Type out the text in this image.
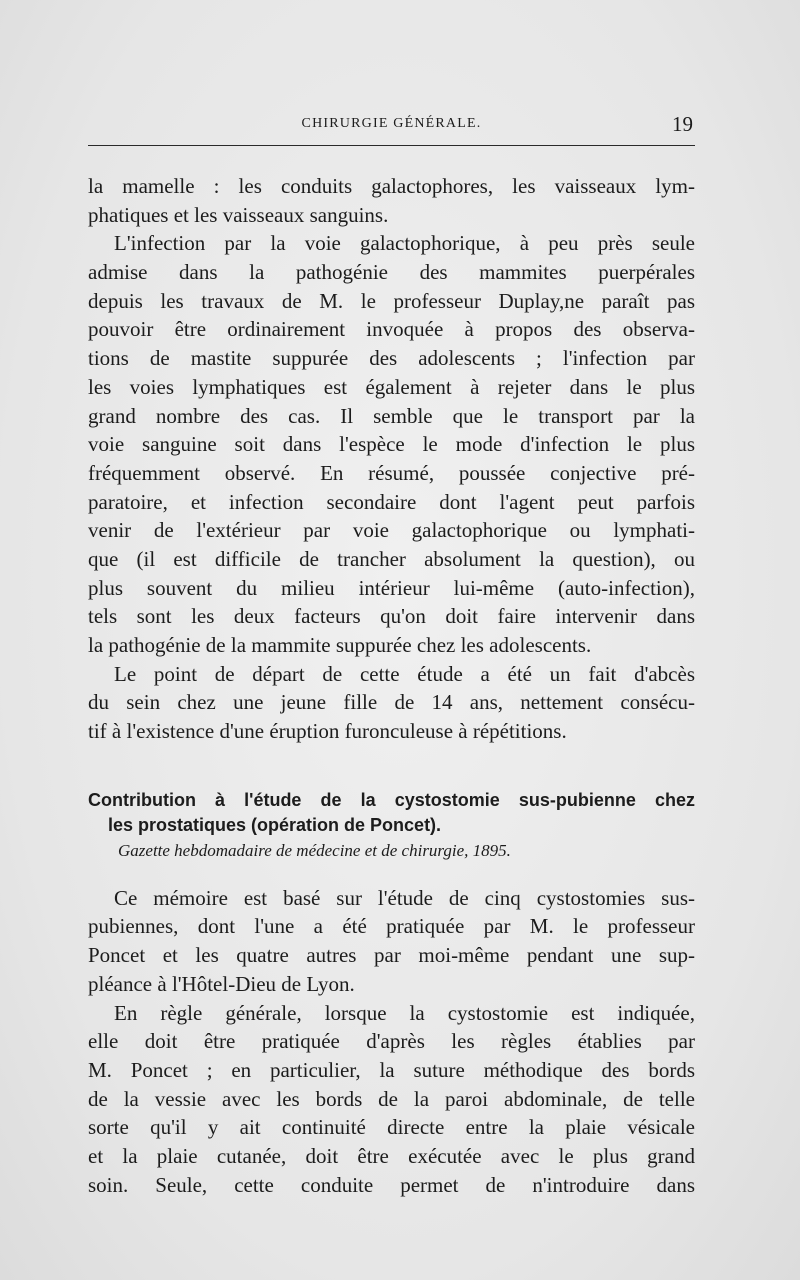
CHIRURGIE GÉNÉRALE.	19
la mamelle : les conduits galactophores, les vaisseaux lym-
phatiques et les vaisseaux sanguins.
L'infection par la voie galactophorique, à peu près seule
admise dans la pathogénie des mammites puerpérales
depuis les travaux de M. le professeur Duplay,ne paraît pas
pouvoir être ordinairement invoquée à propos des observa-
tions de mastite suppurée des adolescents ; l'infection par
les voies lymphatiques est également à rejeter dans le plus
grand nombre des cas. Il semble que le transport par la
voie sanguine soit dans l'espèce le mode d'infection le plus
fréquemment observé. En résumé, poussée conjective pré-
paratoire, et infection secondaire dont l'agent peut parfois
venir de l'extérieur par voie galactophorique ou lymphati-
que (il est difficile de trancher absolument la question), ou
plus souvent du milieu intérieur lui-même (auto-infection),
tels sont les deux facteurs qu'on doit faire intervenir dans
la pathogénie de la mammite suppurée chez les adolescents.
Le point de départ de cette étude a été un fait d'abcès
du sein chez une jeune fille de 14 ans, nettement consécu-
tif à l'existence d'une éruption furonculeuse à répétitions.
Contribution à l'étude de la cystostomie sus-pubienne chez
les prostatiques (opération de Poncet).
Gazette hebdomadaire de médecine et de chirurgie, 1895.
Ce mémoire est basé sur l'étude de cinq cystostomies sus-
pubiennes, dont l'une a été pratiquée par M. le professeur
Poncet et les quatre autres par moi-même pendant une sup-
pléance à l'Hôtel-Dieu de Lyon.
En règle générale, lorsque la cystostomie est indiquée,
elle doit être pratiquée d'après les règles établies par
M. Poncet ; en particulier, la suture méthodique des bords
de la vessie avec les bords de la paroi abdominale, de telle
sorte qu'il y ait continuité directe entre la plaie vésicale
et la plaie cutanée, doit être exécutée avec le plus grand
soin. Seule, cette conduite permet de n'introduire dans
